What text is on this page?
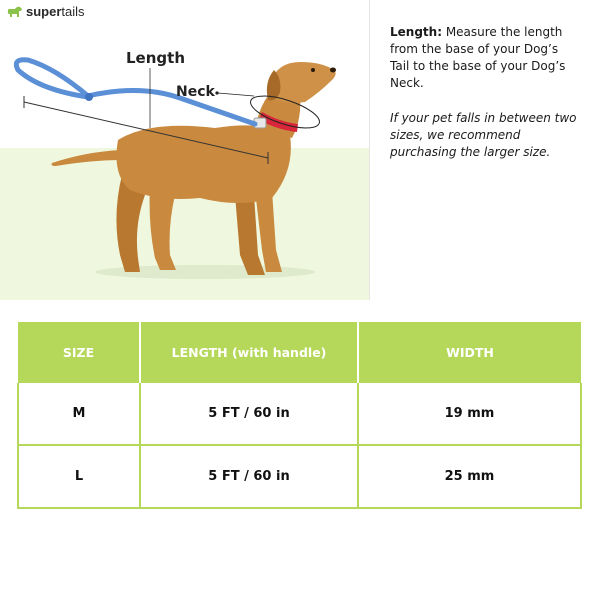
super tails
Length
Neck
Length: Measure the length from the base of your Dog’s Tail to the base of your Dog’s Neck.
If your pet falls in between two sizes, we recommend purchasing the larger size.
SIZE	LENGTH (with handle)	WIDTH
M	5 FT / 60 in	19 mm
L	5 FT / 60 in	25 mm
